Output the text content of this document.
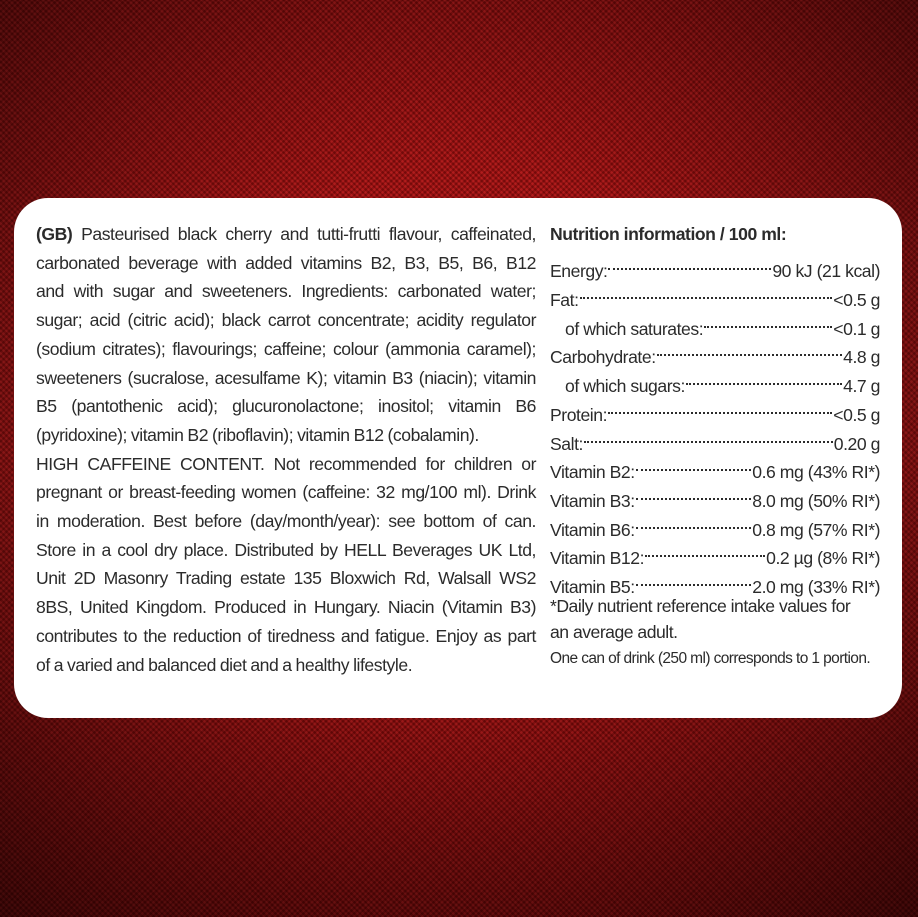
(GB) Pasteurised black cherry and tutti-frutti flavour, caffeinated,
carbonated beverage with added vitamins B2, B3, B5, B6, B12
and with sugar and sweeteners. Ingredients: carbonated water;
sugar; acid (citric acid); black carrot concentrate; acidity regulator
(sodium citrates); flavourings; caffeine; colour (ammonia caramel);
sweeteners (sucralose, acesulfame K); vitamin B3 (niacin); vitamin
B5 (pantothenic acid); glucuronolactone; inositol; vitamin B6
(pyridoxine); vitamin B2 (riboflavin); vitamin B12 (cobalamin).
HIGH CAFFEINE CONTENT. Not recommended for children or
pregnant or breast-feeding women (caffeine: 32 mg/100 ml). Drink
in moderation. Best before (day/month/year): see bottom of can.
Store in a cool dry place. Distributed by HELL Beverages UK Ltd,
Unit 2D Masonry Trading estate 135 Bloxwich Rd, Walsall WS2
8BS, United Kingdom. Produced in Hungary. Niacin (Vitamin B3)
contributes to the reduction of tiredness and fatigue. Enjoy as part
of a varied and balanced diet and a healthy lifestyle.
Nutrition information / 100 ml:
Energy:	90 kJ (21 kcal)
Fat:	<0.5 g
of which saturates:	<0.1 g
Carbohydrate:	4.8 g
of which sugars:	4.7 g
Protein:	<0.5 g
Salt:	0.20 g
Vitamin B2:	0.6 mg (43% RI*)
Vitamin B3:	8.0 mg (50% RI*)
Vitamin B6:	0.8 mg (57% RI*)
Vitamin B12:	0.2 µg (8% RI*)
Vitamin B5:	2.0 mg (33% RI*)
*Daily nutrient reference intake values for
an average adult.
One can of drink (250 ml) corresponds to 1 portion.
